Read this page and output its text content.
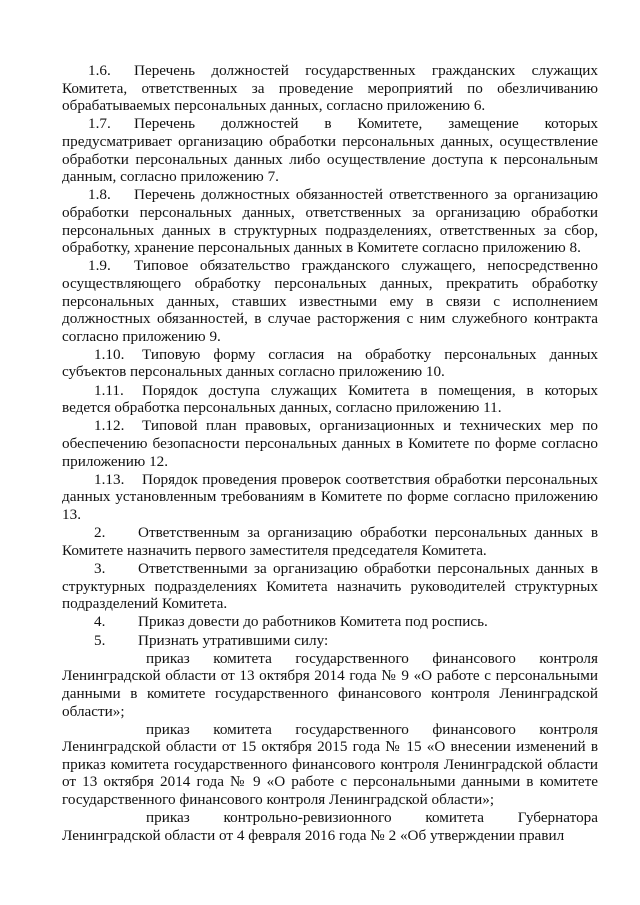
1.6. Перечень должностей государственных гражданских служащих Комитета, ответственных за проведение мероприятий по обезличиванию обрабатываемых персональных данных, согласно приложению 6.

1.7. Перечень должностей в Комитете, замещение которых предусматривает организацию обработки персональных данных, осуществление обработки персональных данных либо осуществление доступа к персональным данным, согласно приложению 7.

1.8. Перечень должностных обязанностей ответственного за организацию обработки персональных данных, ответственных за организацию обработки персональных данных в структурных подразделениях, ответственных за сбор, обработку, хранение персональных данных в Комитете согласно приложению 8.

1.9. Типовое обязательство гражданского служащего, непосредственно осуществляющего обработку персональных данных, прекратить обработку персональных данных, ставших известными ему в связи с исполнением должностных обязанностей, в случае расторжения с ним служебного контракта согласно приложению 9.

1.10. Типовую форму согласия на обработку персональных данных субъектов персональных данных согласно приложению 10.

1.11. Порядок доступа служащих Комитета в помещения, в которых ведется обработка персональных данных, согласно приложению 11.

1.12. Типовой план правовых, организационных и технических мер по обеспечению безопасности персональных данных в Комитете по форме согласно приложению 12.

1.13. Порядок проведения проверок соответствия обработки персональных данных установленным требованиям в Комитете по форме согласно приложению 13.

2. Ответственным за организацию обработки персональных данных в Комитете назначить первого заместителя председателя Комитета.

3. Ответственными за организацию обработки персональных данных в структурных подразделениях Комитета назначить руководителей структурных подразделений Комитета.

4. Приказ довести до работников Комитета под роспись.

5. Признать утратившими силу:

приказ комитета государственного финансового контроля Ленинградской области от 13 октября 2014 года № 9 «О работе с персональными данными в комитете государственного финансового контроля Ленинградской области»;

приказ комитета государственного финансового контроля Ленинградской области от 15 октября 2015 года № 15 «О внесении изменений в приказ комитета государственного финансового контроля Ленинградской области от 13 октября 2014 года № 9 «О работе с персональными данными в комитете государственного финансового контроля Ленинградской области»;

приказ контрольно-ревизионного комитета Губернатора Ленинградской области от 4 февраля 2016 года № 2 «Об утверждении правил
